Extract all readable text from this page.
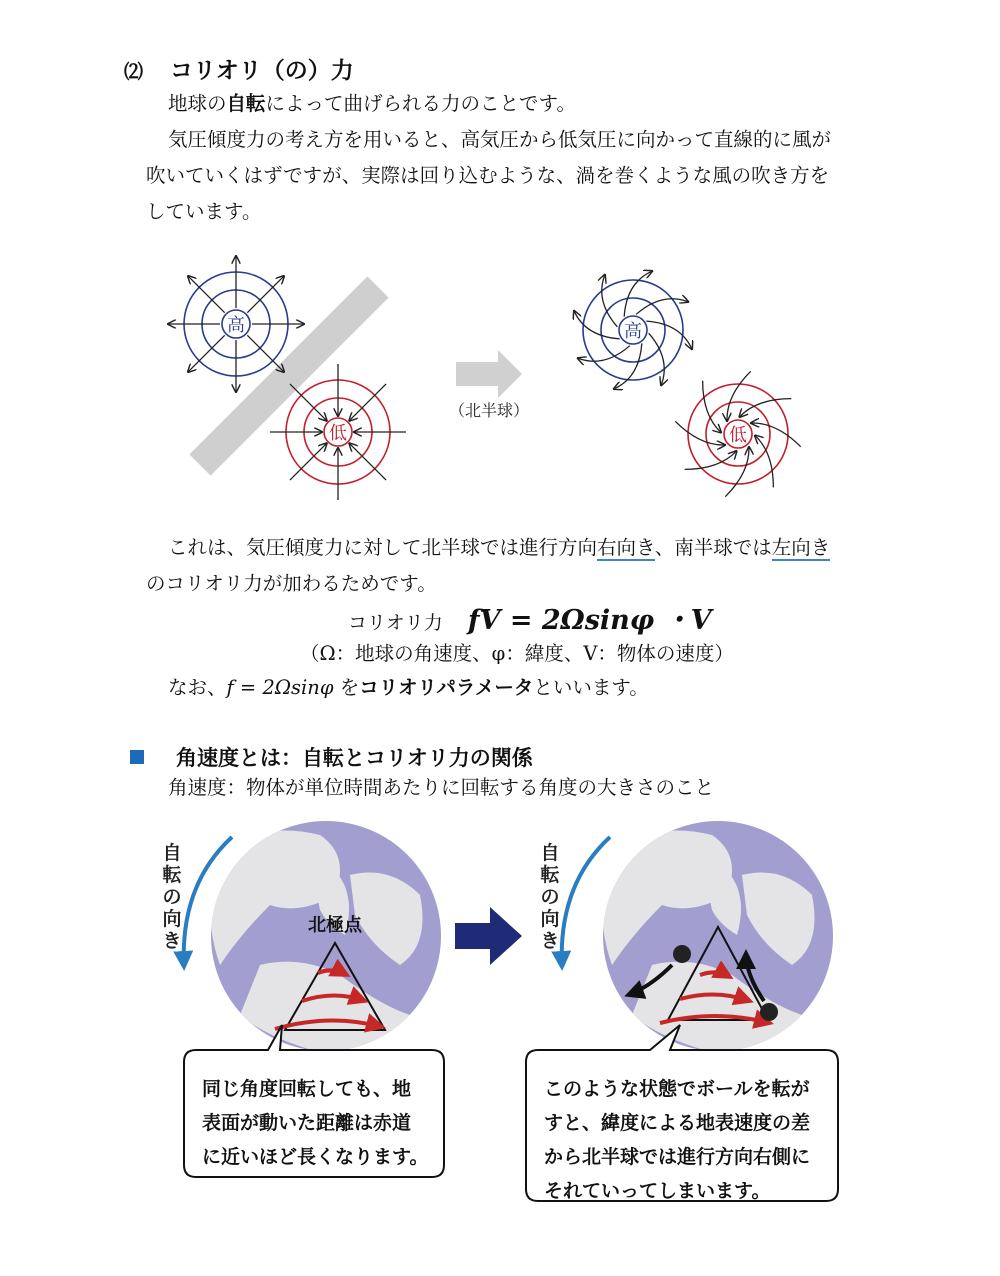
⑵ コリオリ（の）力
地球の自転によって曲げられる力のことです。
気圧傾度力の考え方を用いると、高気圧から低気圧に向かって直線的に風が
吹いていくはずですが、実際は回り込むような、渦を巻くような風の吹き方を
しています。
高
低
（北半球）
高
低
これは、気圧傾度力に対して北半球では進行方向右向き、南半球では左向き
のコリオリ力が加わるためです。
コリオリ力 fV = 2Ωsinφ ・V
（Ω：地球の角速度、φ：緯度、V：物体の速度）
なお、f = 2Ωsinφ をコリオリパラメータといいます。
角速度とは：自転とコリオリ力の関係
角速度：物体が単位時間あたりに回転する角度の大きさのこと
北極点
自
転
の
向
き
自
転
の
向
き
同じ角度回転しても、地
表面が動いた距離は赤道
に近いほど長くなります。
このような状態でボールを転が
すと、緯度による地表速度の差
から北半球では進行方向右側に
それていってしまいます。
